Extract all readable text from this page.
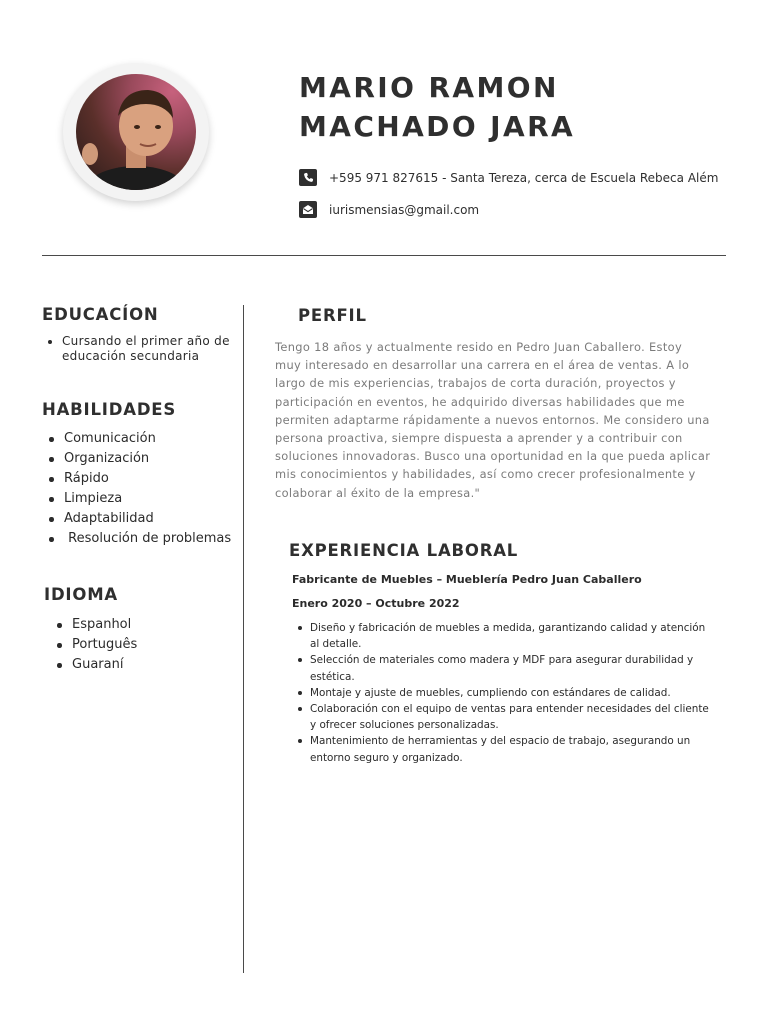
MARIO RAMON
MACHADO JARA
+595 971 827615 - Santa Tereza, cerca de Escuela Rebeca Além
iurismensias@gmail.com
EDUCACÍON
Cursando el primer año de educación secundaria
HABILIDADES
Comunicación
Organización
Rápido
Limpieza
Adaptabilidad
Resolución de problemas
IDIOMA
Espanhol
Português
Guaraní
PERFIL

Tengo 18 años y actualmente resido en Pedro Juan Caballero. Estoy muy interesado en desarrollar una carrera en el área de ventas. A lo largo de mis experiencias, trabajos de corta duración, proyectos y participación en eventos, he adquirido diversas habilidades que me permiten adaptarme rápidamente a nuevos entornos. Me considero una persona proactiva, siempre dispuesta a aprender y a contribuir con soluciones innovadoras. Busco una oportunidad en la que pueda aplicar mis conocimientos y habilidades, así como crecer profesionalmente y colaborar al éxito de la empresa."

EXPERIENCIA LABORAL

Fabricante de Muebles – Mueblería Pedro Juan Caballero

Enero 2020 – Octubre 2022

Diseño y fabricación de muebles a medida, garantizando calidad y atención al detalle.
Selección de materiales como madera y MDF para asegurar durabilidad y estética.
Montaje y ajuste de muebles, cumpliendo con estándares de calidad.
Colaboración con el equipo de ventas para entender necesidades del cliente y ofrecer soluciones personalizadas.
Mantenimiento de herramientas y del espacio de trabajo, asegurando un entorno seguro y organizado.
